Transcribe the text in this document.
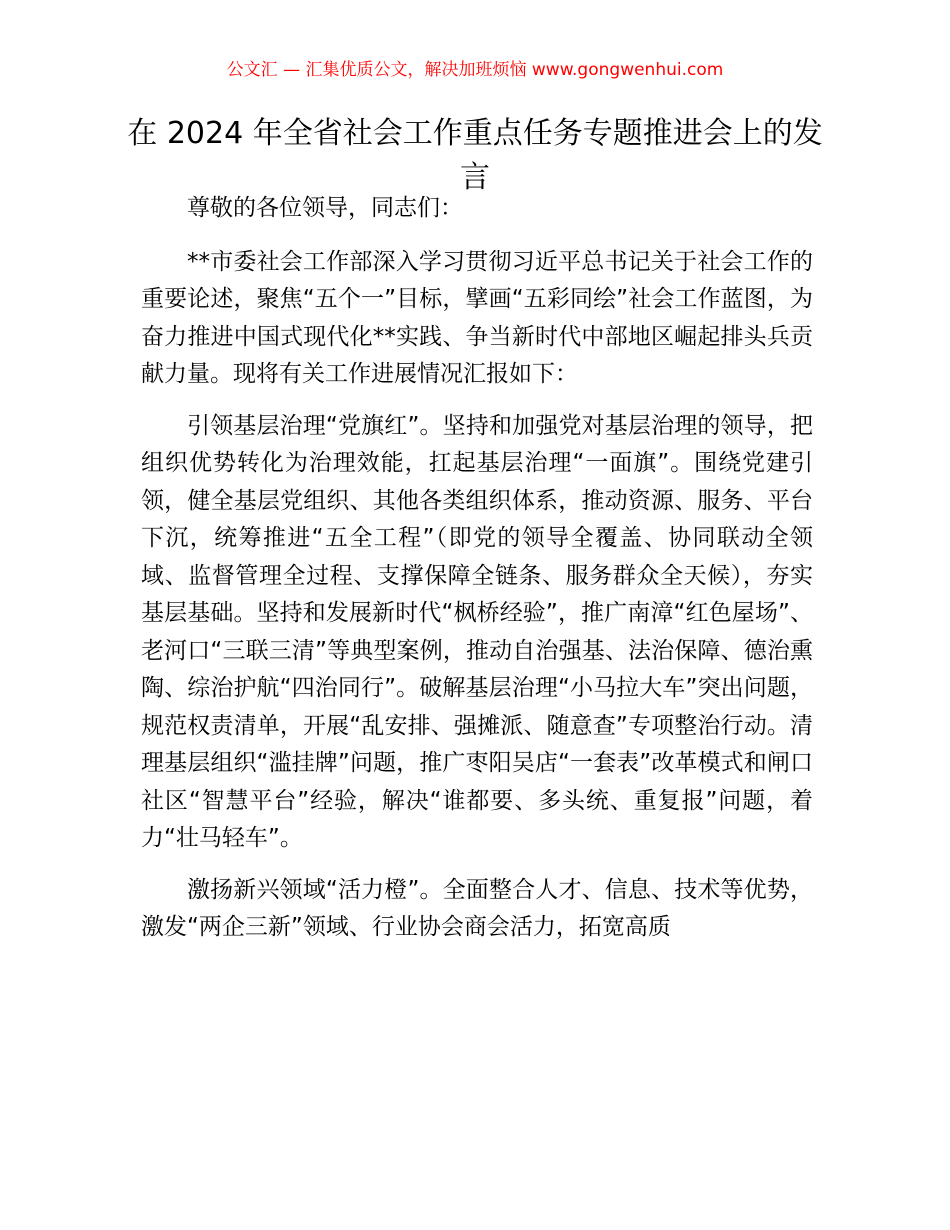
公文汇 — 汇集优质公文，解决加班烦恼 www.gongwenhui.com
在 2024 年全省社会工作重点任务专题推进会上的发言

尊敬的各位领导，同志们：

**市委社会工作部深入学习贯彻习近平总书记关于社会工作的重要论述，聚焦“五个一”目标，擘画“五彩同绘”社会工作蓝图，为奋力推进中国式现代化**实践、争当新时代中部地区崛起排头兵贡献力量。现将有关工作进展情况汇报如下：

引领基层治理“党旗红”。坚持和加强党对基层治理的领导，把组织优势转化为治理效能，扛起基层治理“一面旗”。围绕党建引领，健全基层党组织、其他各类组织体系，推动资源、服务、平台下沉，统筹推进“五全工程”（即党的领导全覆盖、协同联动全领域、监督管理全过程、支撑保障全链条、服务群众全天候），夯实基层基础。坚持和发展新时代“枫桥经验”，推广南漳“红色屋场”、老河口“三联三清”等典型案例，推动自治强基、法治保障、德治熏陶、综治护航“四治同行”。破解基层治理“小马拉大车”突出问题，规范权责清单，开展“乱安排、强摊派、随意查”专项整治行动。清理基层组织“滥挂牌”问题，推广枣阳吴店“一套表”改革模式和闸口社区“智慧平台”经验，解决“谁都要、多头统、重复报”问题，着力“壮马轻车”。

激扬新兴领域“活力橙”。全面整合人才、信息、技术等优势，激发“两企三新”领域、行业协会商会活力，拓宽高质
